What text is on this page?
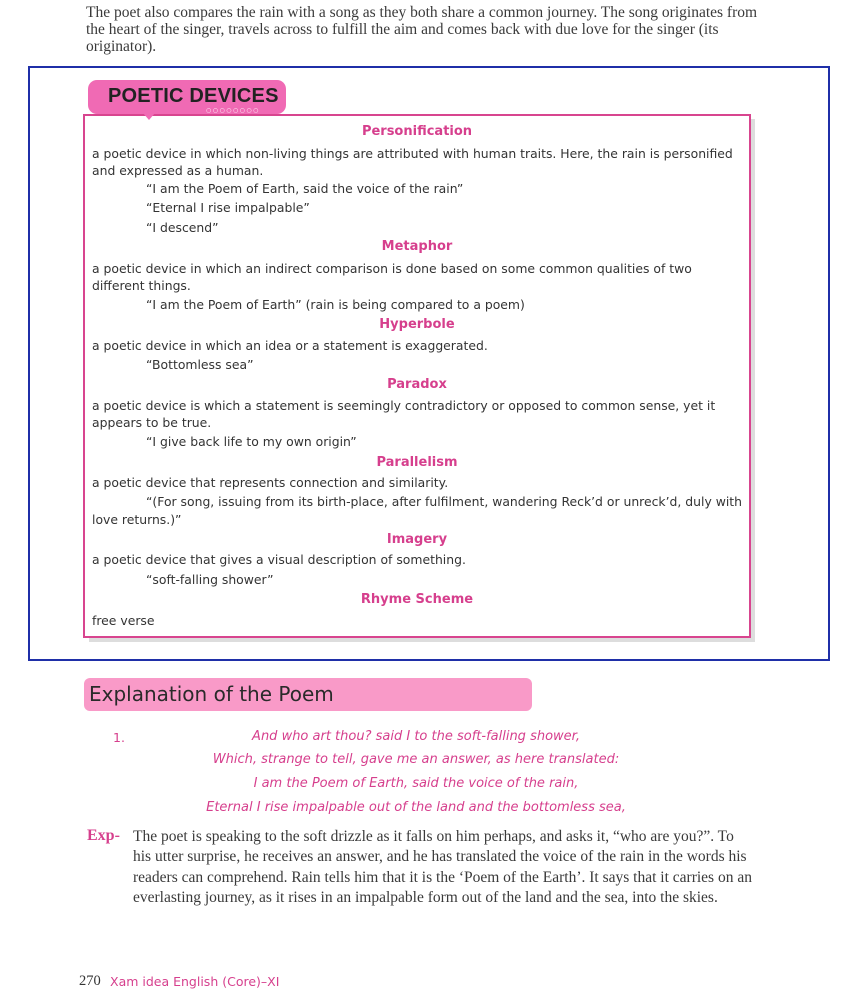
The poet also compares the rain with a song as they both share a common journey. The song originates from the heart of the singer, travels across to fulfill the aim and comes back with due love for the singer (its originator).
POETIC DEVICES
○○○○○○○○
Personification
a poetic device in which non-living things are attributed with human traits. Here, the rain is personified and expressed as a human.
“I am the Poem of Earth, said the voice of the rain”
“Eternal I rise impalpable”
“I descend”
Metaphor
a poetic device in which an indirect comparison is done based on some common qualities of two different things.
“I am the Poem of Earth” (rain is being compared to a poem)
Hyperbole
a poetic device in which an idea or a statement is exaggerated.
“Bottomless sea”
Paradox
a poetic device is which a statement is seemingly contradictory or opposed to common sense, yet it appears to be true.
“I give back life to my own origin”
Parallelism
a poetic device that represents connection and similarity.
“(For song, issuing from its birth-place, after fulfilment, wandering Reck’d or unreck’d, duly with
love returns.)”
Imagery
a poetic device that gives a visual description of something.
“soft-falling shower”
Rhyme Scheme
free verse
Explanation of the Poem
1.	And who art thou? said I to the soft-falling shower,
Which, strange to tell, gave me an answer, as here translated:
I am the Poem of Earth, said the voice of the rain,
Eternal I rise impalpable out of the land and the bottomless sea,
Exp- The poet is speaking to the soft drizzle as it falls on him perhaps, and asks it, “who are you?”. To his utter surprise, he receives an answer, and he has translated the voice of the rain in the words his readers can comprehend. Rain tells him that it is the ‘Poem of the Earth’. It says that it carries on an everlasting journey, as it rises in an impalpable form out of the land and the sea, into the skies.
270 Xam idea English (Core)–XI
